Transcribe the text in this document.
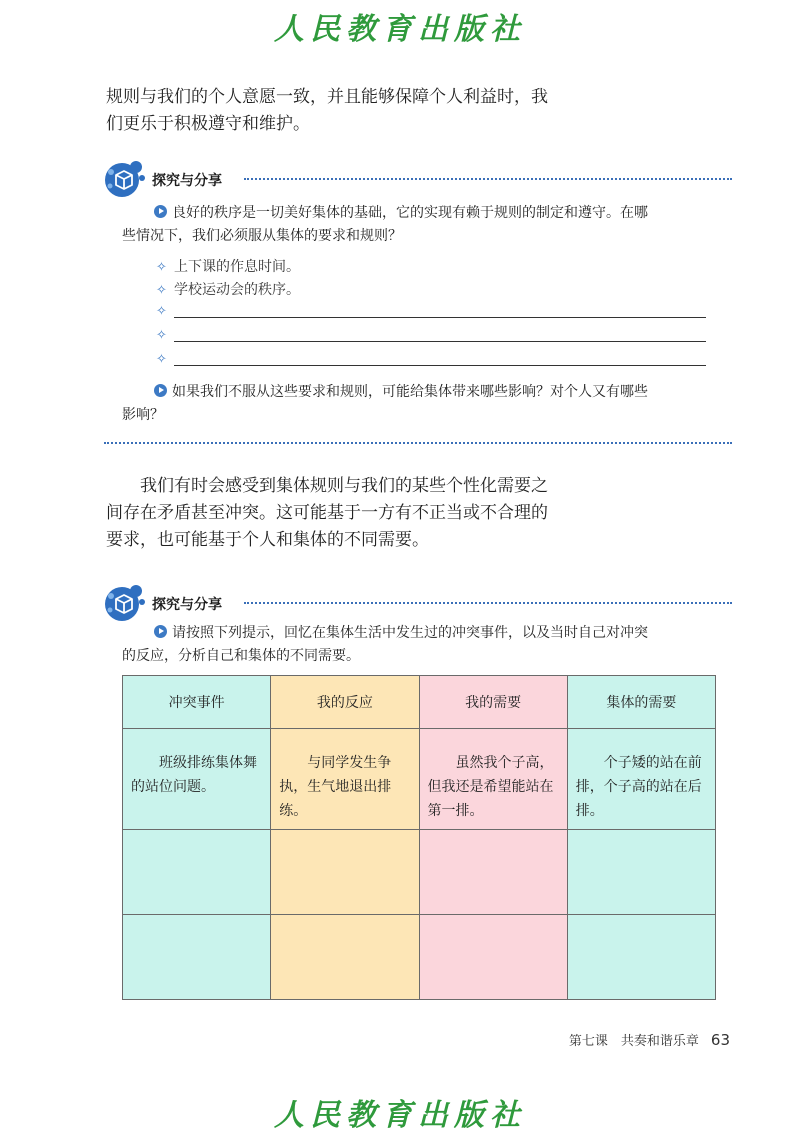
人民教育出版社

规则与我们的个人意愿一致，并且能够保障个人利益时，我
们更乐于积极遵守和维护。

探究与分享

良好的秩序是一切美好集体的基础，它的实现有赖于规则的制定和遵守。在哪
些情况下，我们必须服从集体的要求和规则？

✧ 上下课的作息时间。
✧ 学校运动会的秩序。
✧
✧
✧

如果我们不服从这些要求和规则，可能给集体带来哪些影响？对个人又有哪些
影响？

我们有时会感受到集体规则与我们的某些个性化需要之
间存在矛盾甚至冲突。这可能基于一方有不正当或不合理的
要求，也可能基于个人和集体的不同需要。

探究与分享

请按照下列提示，回忆在集体生活中发生过的冲突事件，以及当时自己对冲突
的反应，分析自己和集体的不同需要。

冲突事件	我的反应	我的需要	集体的需要

班级排练集体舞的站位问题。	与同学发生争执，生气地退出排练。	虽然我个子高，但我还是希望能站在第一排。	个子矮的站在前排，个子高的站在后排。

第七课　共奏和谐乐章 63
人民教育出版社
